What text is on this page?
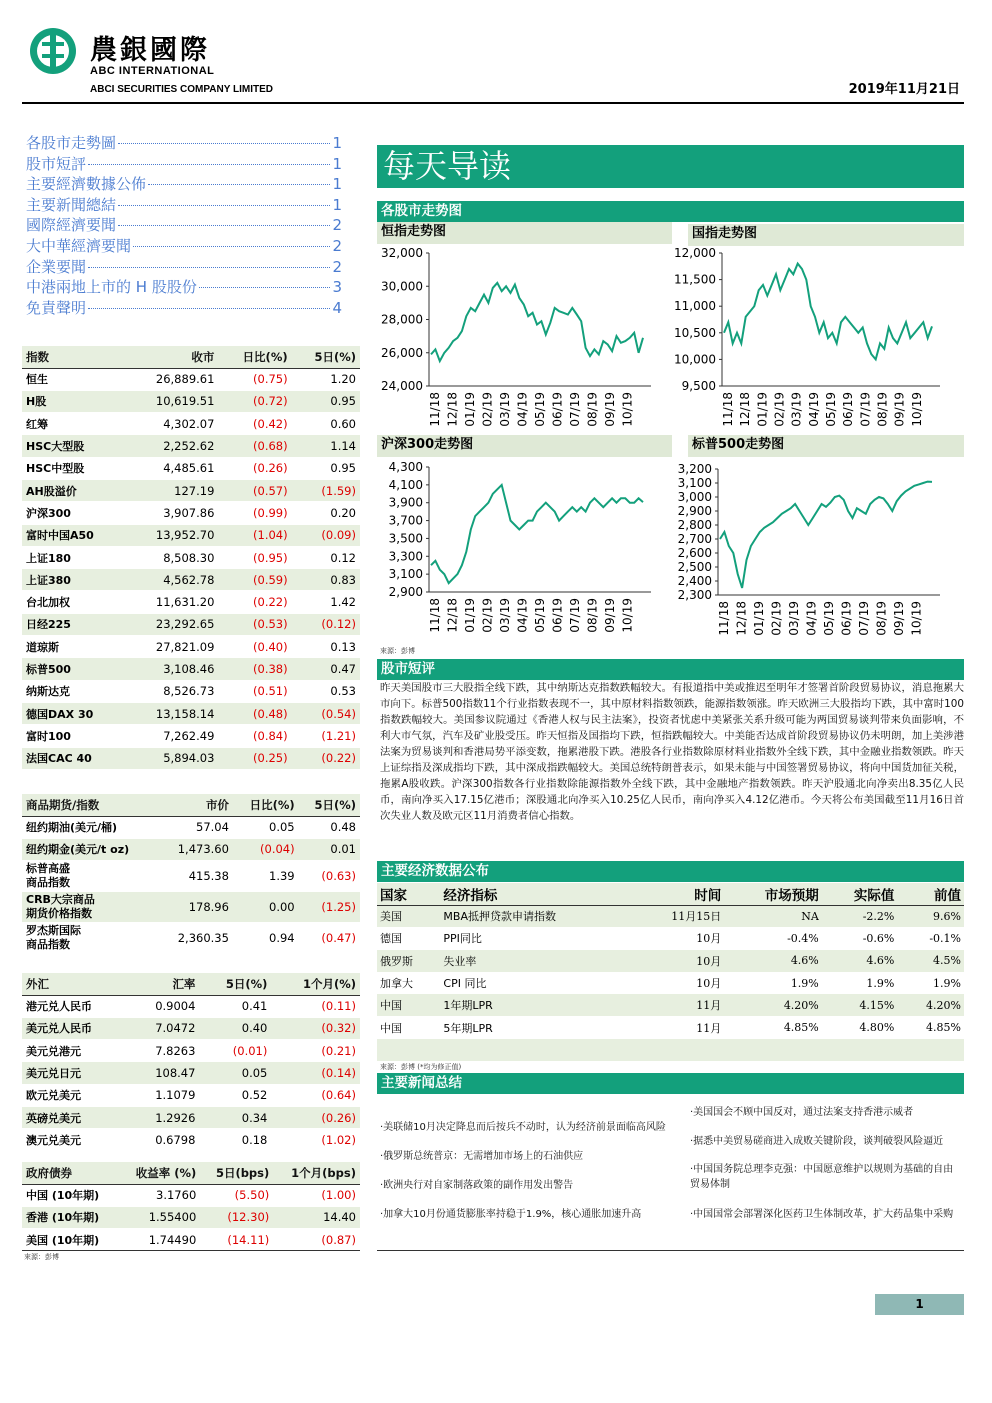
農銀國際
ABC INTERNATIONAL
ABCI SECURITIES COMPANY LIMITED	2019年11月21日
各股市走勢圖	1
股市短評	1
主要經濟數據公佈	1
主要新聞總結	1
國際經濟要聞	2
大中華經濟要聞	2
企業要聞	2
中港兩地上市的 H 股股份	3
免責聲明	4
指数	收市	日比(%)	5日(%)
恒生	26,889.61	(0.75)	1.20
H股	10,619.51	(0.72)	0.95
红筹	4,302.07	(0.42)	0.60
HSC大型股	2,252.62	(0.68)	1.14
HSC中型股	4,485.61	(0.26)	0.95
AH股溢价	127.19	(0.57)	(1.59)
沪深300	3,907.86	(0.99)	0.20
富时中国A50	13,952.70	(1.04)	(0.09)
上证180	8,508.30	(0.95)	0.12
上证380	4,562.78	(0.59)	0.83
台北加权	11,631.20	(0.22)	1.42
日经225	23,292.65	(0.53)	(0.12)
道琼斯	27,821.09	(0.40)	0.13
标普500	3,108.46	(0.38)	0.47
纳斯达克	8,526.73	(0.51)	0.53
德国DAX 30	13,158.14	(0.48)	(0.54)
富时100	7,262.49	(0.84)	(1.21)
法国CAC 40	5,894.03	(0.25)	(0.22)
商品期货/指数	市价	日比(%)	5日(%)
纽约期油(美元/桶)	57.04	0.05	0.48
纽约期金(美元/t oz)	1,473.60	(0.04)	0.01
标普高盛
商品指数	415.38	1.39	(0.63)
CRB大宗商品
期货价格指数	178.96	0.00	(1.25)
罗杰斯国际
商品指数	2,360.35	0.94	(0.47)
外汇	汇率	5日(%)	1个月(%)
港元兑人民币	0.9004	0.41	(0.11)
美元兑人民币	7.0472	0.40	(0.32)
美元兑港元	7.8263	(0.01)	(0.21)
美元兑日元	108.47	0.05	(0.14)
欧元兑美元	1.1079	0.52	(0.64)
英磅兑美元	1.2926	0.34	(0.26)
澳元兑美元	0.6798	0.18	(1.02)
政府债券	收益率 (%)	5日(bps)	1个月(bps)
中国 (10年期)	3.1760	(5.50)	(1.00)
香港 (10年期)	1.55400	(12.30)	14.40
美国 (10年期)	1.74490	(14.11)	(0.87)
來源：彭博
每天导读
各股市走势图
恒指走势图	国指走势图
32,000
30,000
28,000
26,000
24,000
11/18 12/18 01/19 02/19 03/19 04/19 05/19 06/19 07/19 08/19 09/19 10/19
12,000
11,500
11,000
10,500
10,000
9,500
11/18 12/18 01/19 02/19 03/19 04/19 05/19 06/19 07/19 08/19 09/19 10/19
沪深300走势图	标普500走势图
4,300
4,100
3,900
3,700
3,500
3,300
3,100
2,900
11/18 12/18 01/19 02/19 03/19 04/19 05/19 06/19 07/19 08/19 09/19 10/19
3,200
3,100
3,000
2,900
2,800
2,700
2,600
2,500
2,400
2,300
11/18 12/18 01/19 02/19 03/19 04/19 05/19 06/19 07/19 08/19 09/19 10/19
來源：彭博
股市短评
昨天美国股市三大股指全线下跌，其中纳斯达克指数跌幅较大。有报道指中美或推迟至明年才签署首阶段贸易协议，消息拖累大市向下。标普500指数11个行业指数表现不一，其中原材料指数领跌，能源指数领涨。昨天欧洲三大股指均下跌，其中富时100指数跌幅较大。美国参议院通过《香港人权与民主法案》，投资者忧虑中美紧张关系升级可能为两国贸易谈判带来负面影响，不利大市气氛，汽车及矿业股受压。昨天恒指及国指均下跌，恒指跌幅较大。中美能否达成首阶段贸易协议仍未明朗，加上美涉港法案为贸易谈判和香港局势平添变数，拖累港股下跌。港股各行业指数除原材料业指数外全线下跌，其中金融业指数领跌。昨天上证综指及深成指均下跌，其中深成指跌幅较大。美国总统特朗普表示，如果未能与中国签署贸易协议，将向中国货加征关税，拖累A股收跌。沪深300指数各行业指数除能源指数外全线下跌，其中金融地产指数领跌。昨天沪股通北向净卖出8.35亿人民币，南向净买入17.15亿港币；深股通北向净买入10.25亿人民币，南向净买入4.12亿港币。今天将公布美国截至11月16日首次失业人数及欧元区11月消费者信心指数。
主要经济数据公布
国家	经济指标	时间	市场预期	实际值	前值
美国	MBA抵押贷款申请指数	11月15日	NA	-2.2%	9.6%
德国	PPI同比	10月	-0.4%	-0.6%	-0.1%
俄罗斯	失业率	10月	4.6%	4.6%	4.5%
加拿大	CPI 同比	10月	1.9%	1.9%	1.9%
中国	1年期LPR	11月	4.20%	4.15%	4.20%
中国	5年期LPR	11月	4.85%	4.80%	4.85%

來源：彭博 (*均为修正值)
主要新闻总结
·美联储10月决定降息而后按兵不动时，认为经济前景面临高风险
·俄罗斯总统普京：无需增加市场上的石油供应
·欧洲央行对自家制落政策的副作用发出警告
·加拿大10月份通货膨胀率持稳于1.9%，核心通胀加速升高
·美国国会不顾中国反对，通过法案支持香港示威者
·据悉中美贸易磋商进入成败关键阶段，谈判破裂风险逼近
·中国国务院总理李克强：中国愿意维护以规则为基础的自由贸易体制
·中国国常会部署深化医药卫生体制改革，扩大药品集中采购
1
